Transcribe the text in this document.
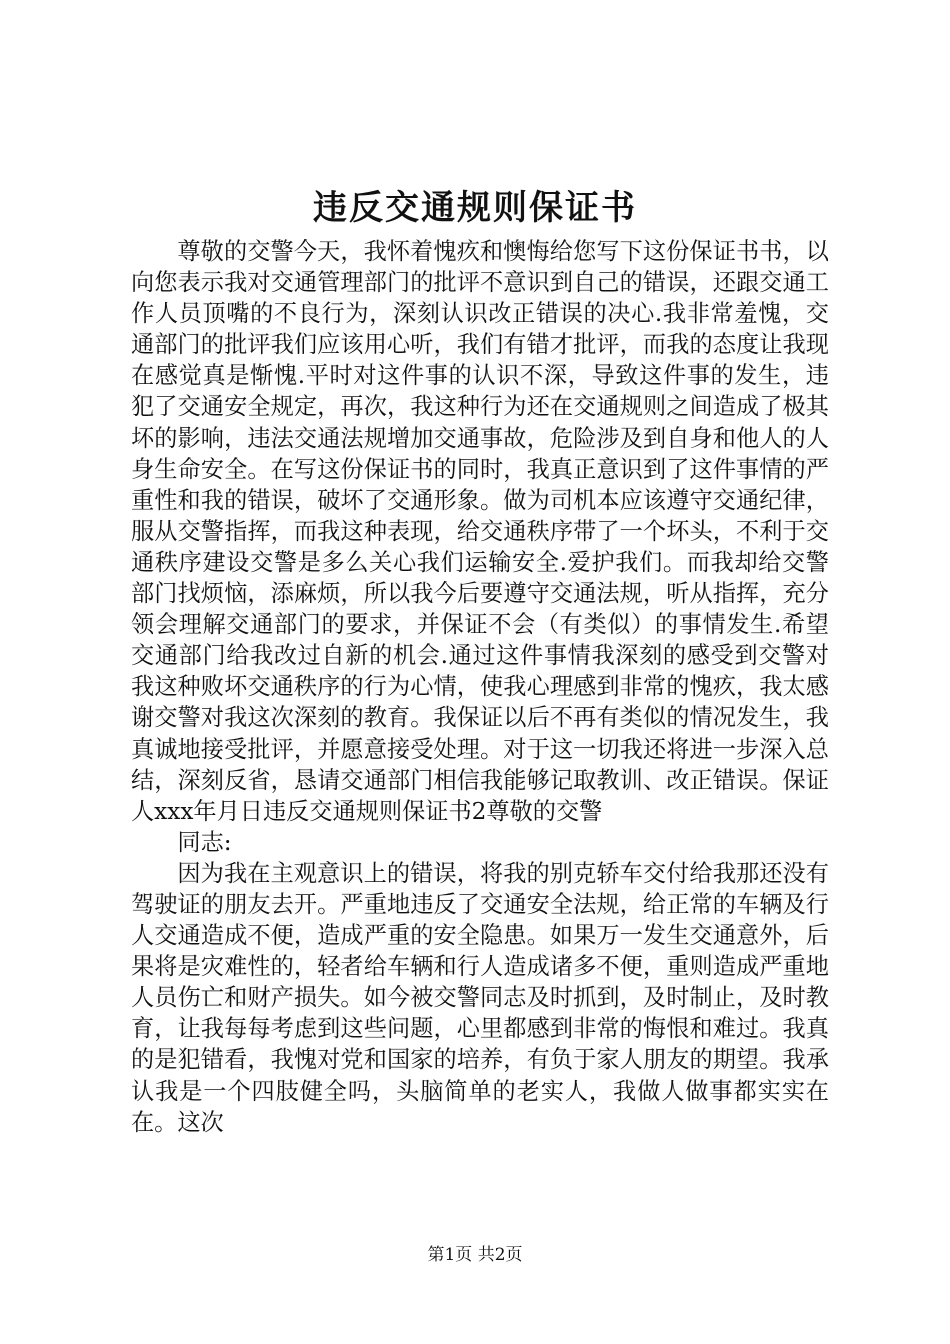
违反交通规则保证书

尊敬的交警今天，我怀着愧疚和懊悔给您写下这份保证书书，以向您表示我对交通管理部门的批评不意识到自己的错误，还跟交通工作人员顶嘴的不良行为，深刻认识改正错误的决心.我非常羞愧，交通部门的批评我们应该用心听，我们有错才批评，而我的态度让我现在感觉真是惭愧.平时对这件事的认识不深，导致这件事的发生，违犯了交通安全规定，再次，我这种行为还在交通规则之间造成了极其坏的影响，违法交通法规增加交通事故，危险涉及到自身和他人的人身生命安全。在写这份保证书的同时，我真正意识到了这件事情的严重性和我的错误，破坏了交通形象。做为司机本应该遵守交通纪律，服从交警指挥，而我这种表现，给交通秩序带了一个坏头，不利于交通秩序建设交警是多么关心我们运输安全.爱护我们。而我却给交警部门找烦恼，添麻烦，所以我今后要遵守交通法规，听从指挥，充分领会理解交通部门的要求，并保证不会（有类似）的事情发生.希望交通部门给我改过自新的机会.通过这件事情我深刻的感受到交警对我这种败坏交通秩序的行为心情，使我心理感到非常的愧疚，我太感谢交警对我这次深刻的教育。我保证以后不再有类似的情况发生，我真诚地接受批评，并愿意接受处理。对于这一切我还将进一步深入总结，深刻反省，恳请交通部门相信我能够记取教训、改正错误。保证人xxx年月日违反交通规则保证书2尊敬的交警

同志:

因为我在主观意识上的错误，将我的别克轿车交付给我那还没有驾驶证的朋友去开。严重地违反了交通安全法规，给正常的车辆及行人交通造成不便，造成严重的安全隐患。如果万一发生交通意外，后果将是灾难性的，轻者给车辆和行人造成诸多不便，重则造成严重地人员伤亡和财产损失。如今被交警同志及时抓到，及时制止，及时教育，让我每每考虑到这些问题，心里都感到非常的悔恨和难过。我真的是犯错看，我愧对党和国家的培养，有负于家人朋友的期望。我承认我是一个四肢健全吗，头脑简单的老实人，我做人做事都实实在在。这次

第1页 共2页
